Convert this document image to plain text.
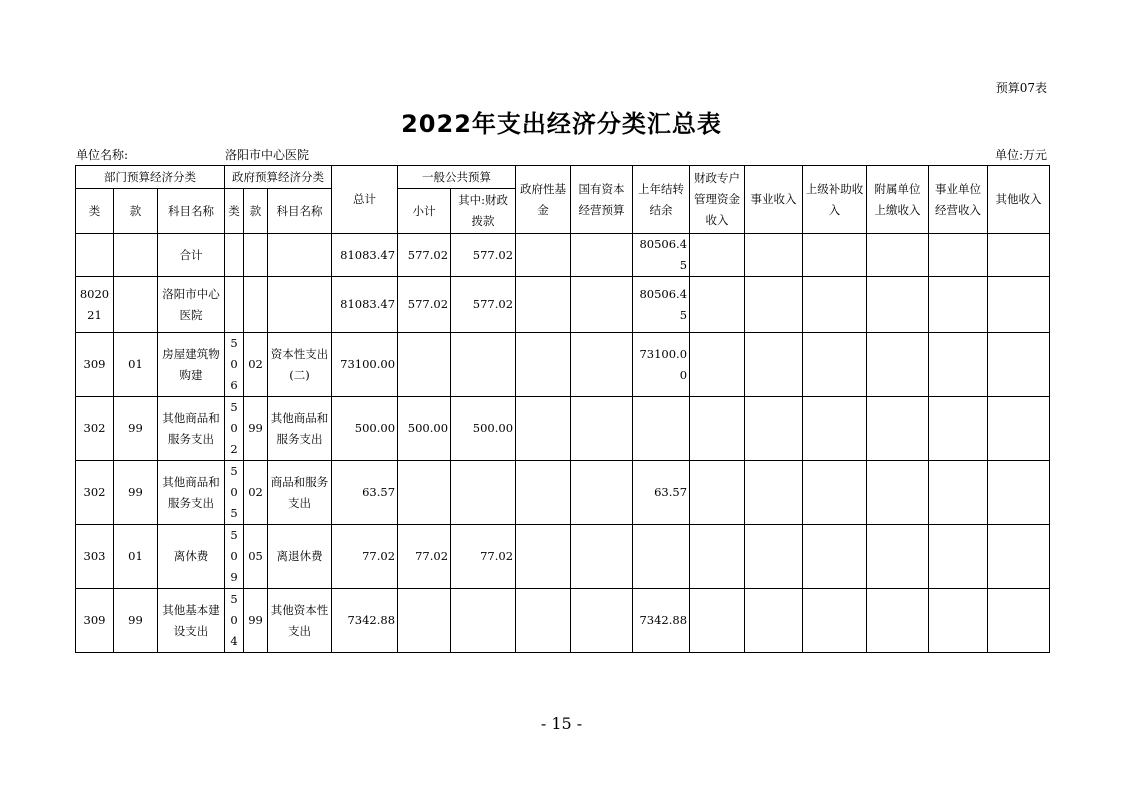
预算07表
2022年支出经济分类汇总表
单位名称:	洛阳市中心医院	单位:万元
部门预算经济分类			政府预算经济分类			总计	一般公共预算		政府性基金	国有资本经营预算	上年结转结余	财政专户管理资金收入	事业收入	上级补助收入	附属单位上缴收入	事业单位经营收入	其他收入
类	款	科目名称	类	款	科目名称		小计	其中:财政拨款									
		合计				81083.47	577.02	577.02			80506.45						
802021		洛阳市中心医院				81083.47	577.02	577.02			80506.45						
309	01	房屋建筑物购建	506	02	资本性支出(二)	73100.00					73100.00						
302	99	其他商品和服务支出	502	99	其他商品和服务支出	500.00	500.00	500.00									
302	99	其他商品和服务支出	505	02	商品和服务支出	63.57					63.57						
303	01	离休费	509	05	离退休费	77.02	77.02	77.02									
309	99	其他基本建设支出	504	99	其他资本性支出	7342.88					7342.88						
- 15 -
